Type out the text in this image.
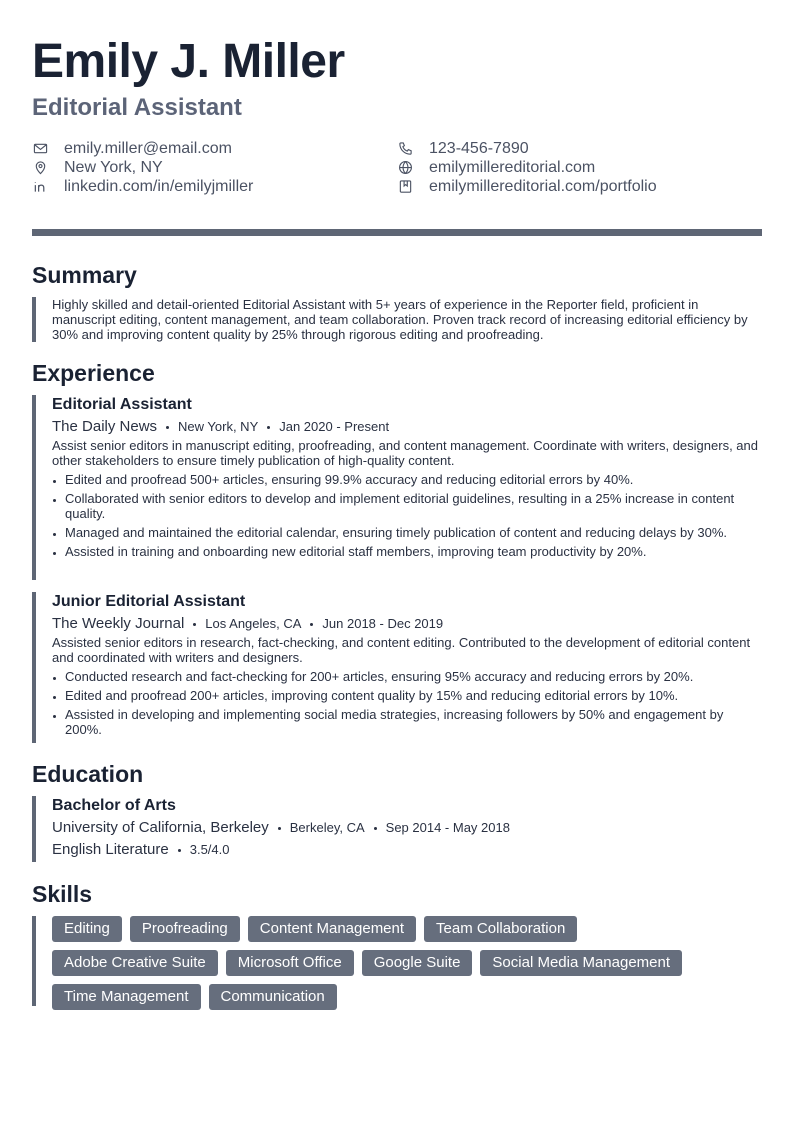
Emily J. Miller
Editorial Assistant
emily.miller@email.com
New York, NY
linkedin.com/in/emilyjmiller
123-456-7890
emilymillereditorial.com
emilymillereditorial.com/portfolio
Summary
Highly skilled and detail-oriented Editorial Assistant with 5+ years of experience in the Reporter field, proficient in manuscript editing, content management, and team collaboration. Proven track record of increasing editorial efficiency by 30% and improving content quality by 25% through rigorous editing and proofreading.
Experience
Editorial Assistant
The Daily News New York, NY Jan 2020 - Present
Assist senior editors in manuscript editing, proofreading, and content management. Coordinate with writers, designers, and other stakeholders to ensure timely publication of high-quality content.
Edited and proofread 500+ articles, ensuring 99.9% accuracy and reducing editorial errors by 40%.
Collaborated with senior editors to develop and implement editorial guidelines, resulting in a 25% increase in content quality.
Managed and maintained the editorial calendar, ensuring timely publication of content and reducing delays by 30%.
Assisted in training and onboarding new editorial staff members, improving team productivity by 20%.
Junior Editorial Assistant
The Weekly Journal Los Angeles, CA Jun 2018 - Dec 2019
Assisted senior editors in research, fact-checking, and content editing. Contributed to the development of editorial content and coordinated with writers and designers.
Conducted research and fact-checking for 200+ articles, ensuring 95% accuracy and reducing errors by 20%.
Edited and proofread 200+ articles, improving content quality by 15% and reducing editorial errors by 10%.
Assisted in developing and implementing social media strategies, increasing followers by 50% and engagement by 200%.
Education
Bachelor of Arts
University of California, Berkeley Berkeley, CA Sep 2014 - May 2018
English Literature 3.5/4.0
Skills
Editing	Proofreading	Content Management	Team Collaboration
Adobe Creative Suite	Microsoft Office	Google Suite	Social Media Management
Time Management	Communication
